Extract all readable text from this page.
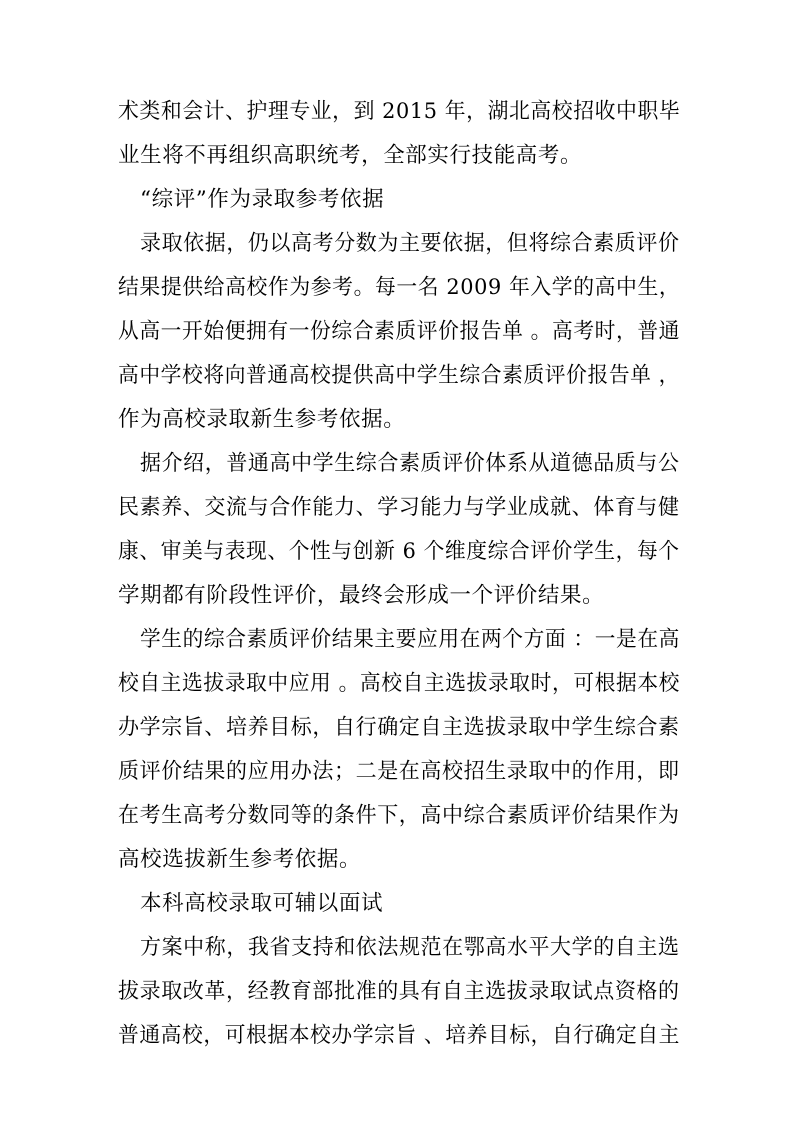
术类和会计、护理专业，到 2015 年，湖北高校招收中职毕
业生将不再组织高职统考，全部实行技能高考。
“综评”作为录取参考依据
录取依据，仍以高考分数为主要依据，但将综合素质评价
结果提供给高校作为参考。每一名 2009 年入学的高中生，
从高一开始便拥有一份综合素质评价报告单 。高考时，普通
高中学校将向普通高校提供高中学生综合素质评价报告单 ，
作为高校录取新生参考依据。
据介绍，普通高中学生综合素质评价体系从道德品质与公
民素养、交流与合作能力、学习能力与学业成就、体育与健
康、审美与表现、个性与创新 6 个维度综合评价学生，每个
学期都有阶段性评价，最终会形成一个评价结果。
学生的综合素质评价结果主要应用在两个方面 ：一是在高
校自主选拔录取中应用 。高校自主选拔录取时，可根据本校
办学宗旨、培养目标，自行确定自主选拔录取中学生综合素
质评价结果的应用办法；二是在高校招生录取中的作用，即
在考生高考分数同等的条件下，高中综合素质评价结果作为
高校选拔新生参考依据。
本科高校录取可辅以面试
方案中称，我省支持和依法规范在鄂高水平大学的自主选
拔录取改革，经教育部批准的具有自主选拔录取试点资格的
普通高校，可根据本校办学宗旨 、培养目标，自行确定自主
